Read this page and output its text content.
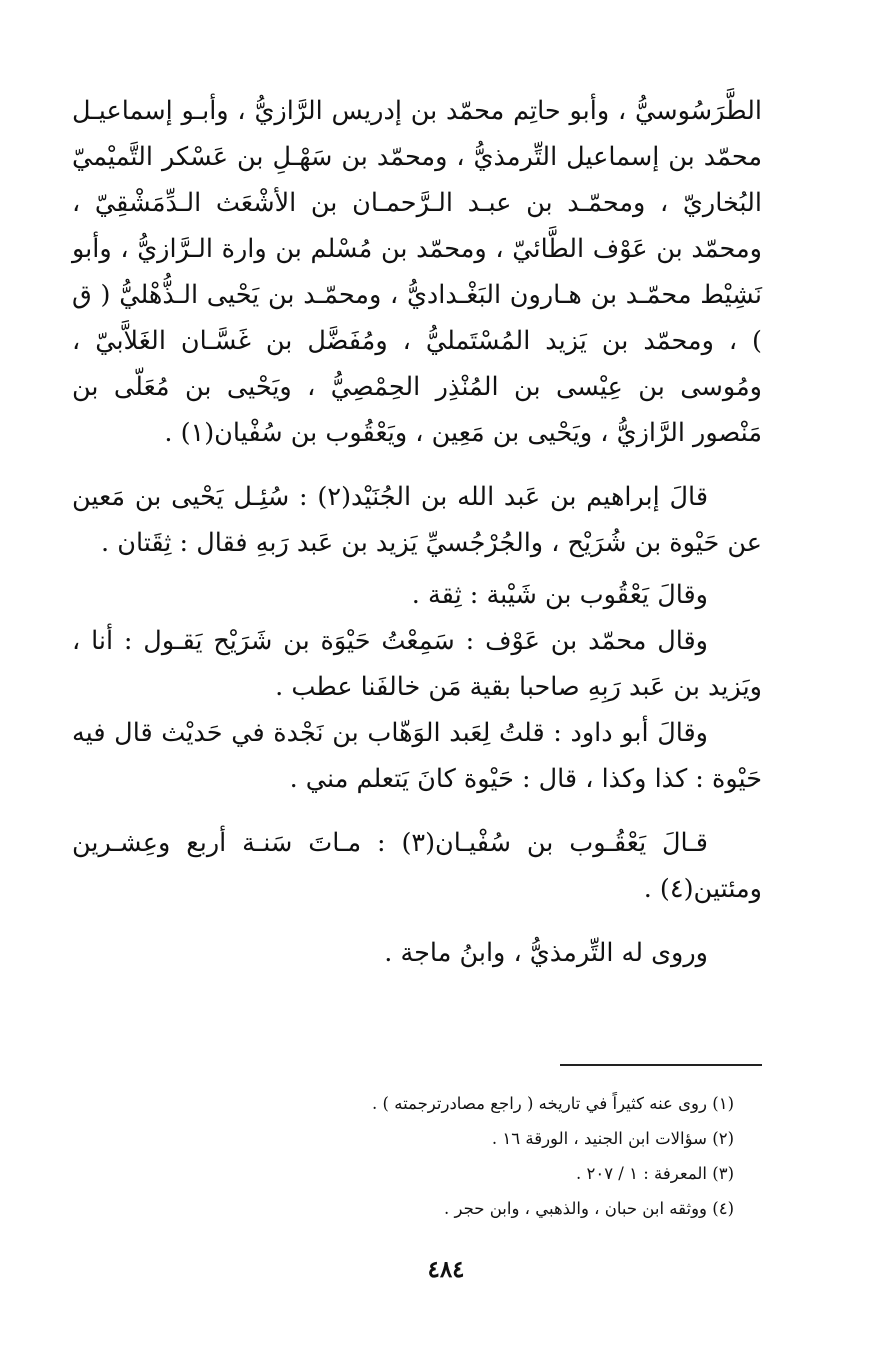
الطَّرَسُوسيُّ ، وأبو حاتِم محمّد بن إدريس الرَّازيُّ ، وأبـو إسماعيـل محمّد بن إسماعيل التِّرمذيُّ ، ومحمّد بن سَهْـلِ بن عَسْكر التَّميْميّ البُخاريّ ، ومحمّـد بن عبـد الـرَّحمـان بن الأشْعَث الـدِّمَشْقِيّ ، ومحمّد بن عَوْف الطَّائيّ ، ومحمّد بن مُسْلم بن وارة الـرَّازيُّ ، وأبو نَشِيْط محمّـد بن هـارون البَغْـداديُّ ، ومحمّـد بن يَحْيى الـذُّهْليُّ ( ق ) ، ومحمّد بن يَزيد المُسْتَمليُّ ، ومُفَضَّل بن غَسَّـان الغَلاَّبيّ ، ومُوسى بن عِيْسى بن المُنْذِر الحِمْصِيُّ ، ويَحْيى بن مُعَلّى بن مَنْصور الرَّازيُّ ، ويَحْيى بن مَعِين ، ويَعْقُوب بن سُفْيان(١) .

قالَ إبراهيم بن عَبد الله بن الجُنَيْد(٢) : سُئِـل يَحْيى بن مَعين عن حَيْوة بن شُرَيْح ، والجُرْجُسيِّ يَزيد بن عَبد رَبهِ فقال : ثِقَتان .

وقالَ يَعْقُوب بن شَيْبة : ثِقة .

وقال محمّد بن عَوْف : سَمِعْتُ حَيْوَة بن شَرَيْح يَقـول : أنا ، ويَزيد بن عَبد رَبِهِ صاحبا بقية مَن خالفَنا عطب .

وقالَ أبو داود : قلتُ لِعَبد الوَهّاب بن نَجْدة في حَديْث قال فيه حَيْوة : كذا وكذا ، قال : حَيْوة كانَ يَتعلم مني .

قـالَ يَعْقُـوب بن سُفْيـان(٣) : مـاتَ سَنـة أربع وعِشـرين ومئتين(٤) .

وروى له التِّرمذيُّ ، وابنُ ماجة .

(١) روى عنه كثيراً في تاريخه ( راجع مصادرترجمته ) .

(٢) سؤالات ابن الجنيد ، الورقة ١٦ .

(٣) المعرفة : ١ / ٢٠٧ .

(٤) ووثقه ابن حبان ، والذهبي ، وابن حجر .

٤٨٤
